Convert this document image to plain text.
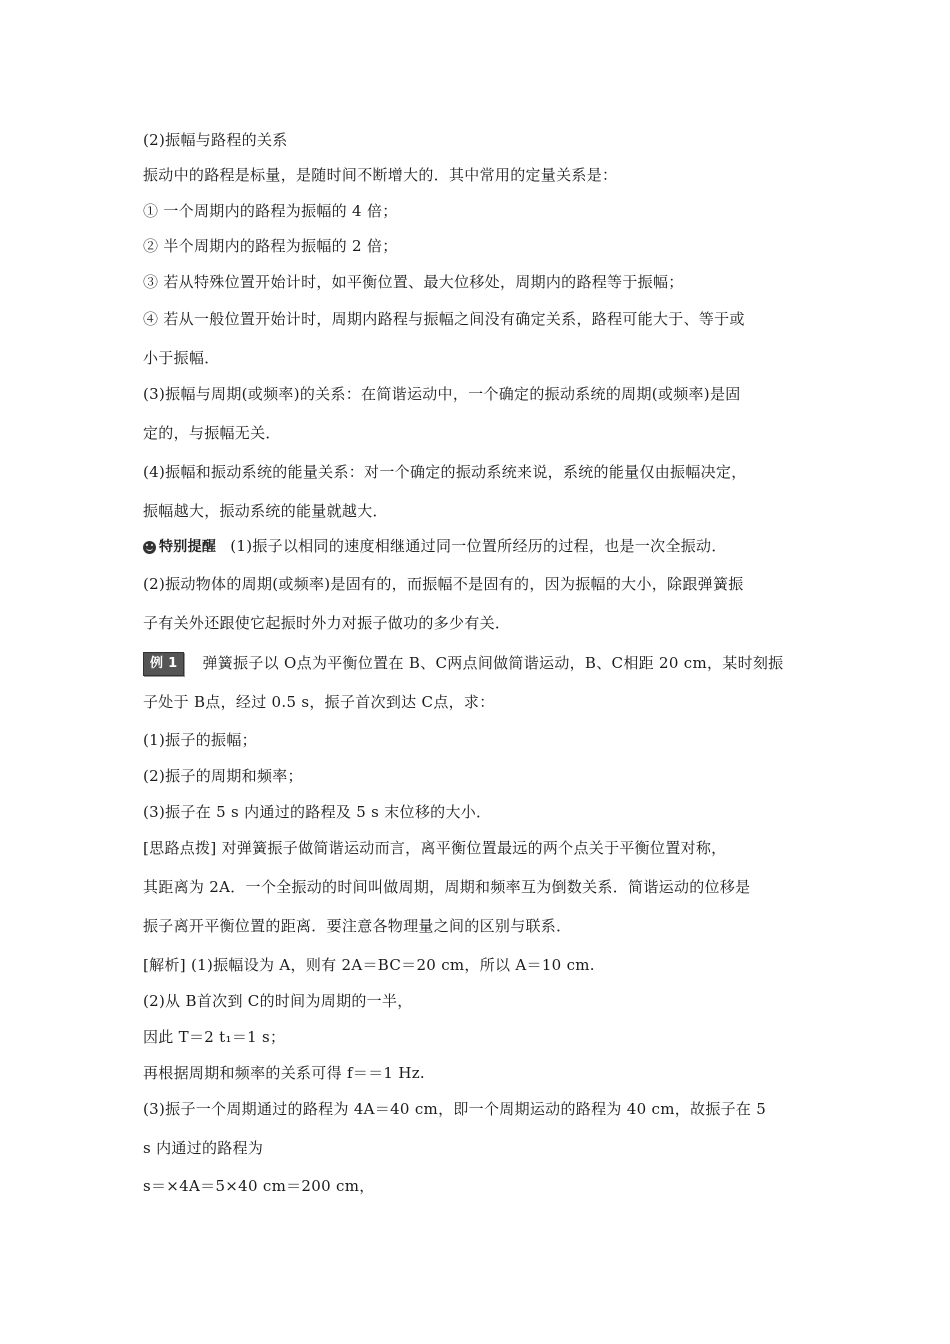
(2)振幅与路程的关系
振动中的路程是标量，是随时间不断增大的．其中常用的定量关系是：
① 一个周期内的路程为振幅的 4 倍；
② 半个周期内的路程为振幅的 2 倍；
③ 若从特殊位置开始计时，如平衡位置、最大位移处，周期内的路程等于振幅；
④ 若从一般位置开始计时，周期内路程与振幅之间没有确定关系，路程可能大于、等于或
小于振幅．
(3)振幅与周期(或频率)的关系：在简谐运动中，一个确定的振动系统的周期(或频率)是固
定的，与振幅无关．
(4)振幅和振动系统的能量关系：对一个确定的振动系统来说，系统的能量仅由振幅决定，
振幅越大，振动系统的能量就越大．
特别提醒 (1)振子以相同的速度相继通过同一位置所经历的过程，也是一次全振动．
(2)振动物体的周期(或频率)是固有的，而振幅不是固有的，因为振幅的大小，除跟弹簧振
子有关外还跟使它起振时外力对振子做功的多少有关．
例 1 弹簧振子以 O点为平衡位置在 B、C两点间做简谐运动，B、C相距 20 cm，某时刻振
子处于 B点，经过 0.5 s，振子首次到达 C点，求：
(1)振子的振幅；
(2)振子的周期和频率；
(3)振子在 5 s 内通过的路程及 5 s 末位移的大小．
[思路点拨] 对弹簧振子做简谐运动而言，离平衡位置最远的两个点关于平衡位置对称，
其距离为 2A．一个全振动的时间叫做周期，周期和频率互为倒数关系．简谐运动的位移是
振子离开平衡位置的距离．要注意各物理量之间的区别与联系．
[解析] (1)振幅设为 A，则有 2A＝BC＝20 cm，所以 A＝10 cm.
(2)从 B首次到 C的时间为周期的一半，
因此 T＝2 t₁＝1 s；
再根据周期和频率的关系可得 f＝＝1 Hz.
(3)振子一个周期通过的路程为 4A＝40 cm，即一个周期运动的路程为 40 cm，故振子在 5
s 内通过的路程为
s＝×4A＝5×40 cm＝200 cm，
